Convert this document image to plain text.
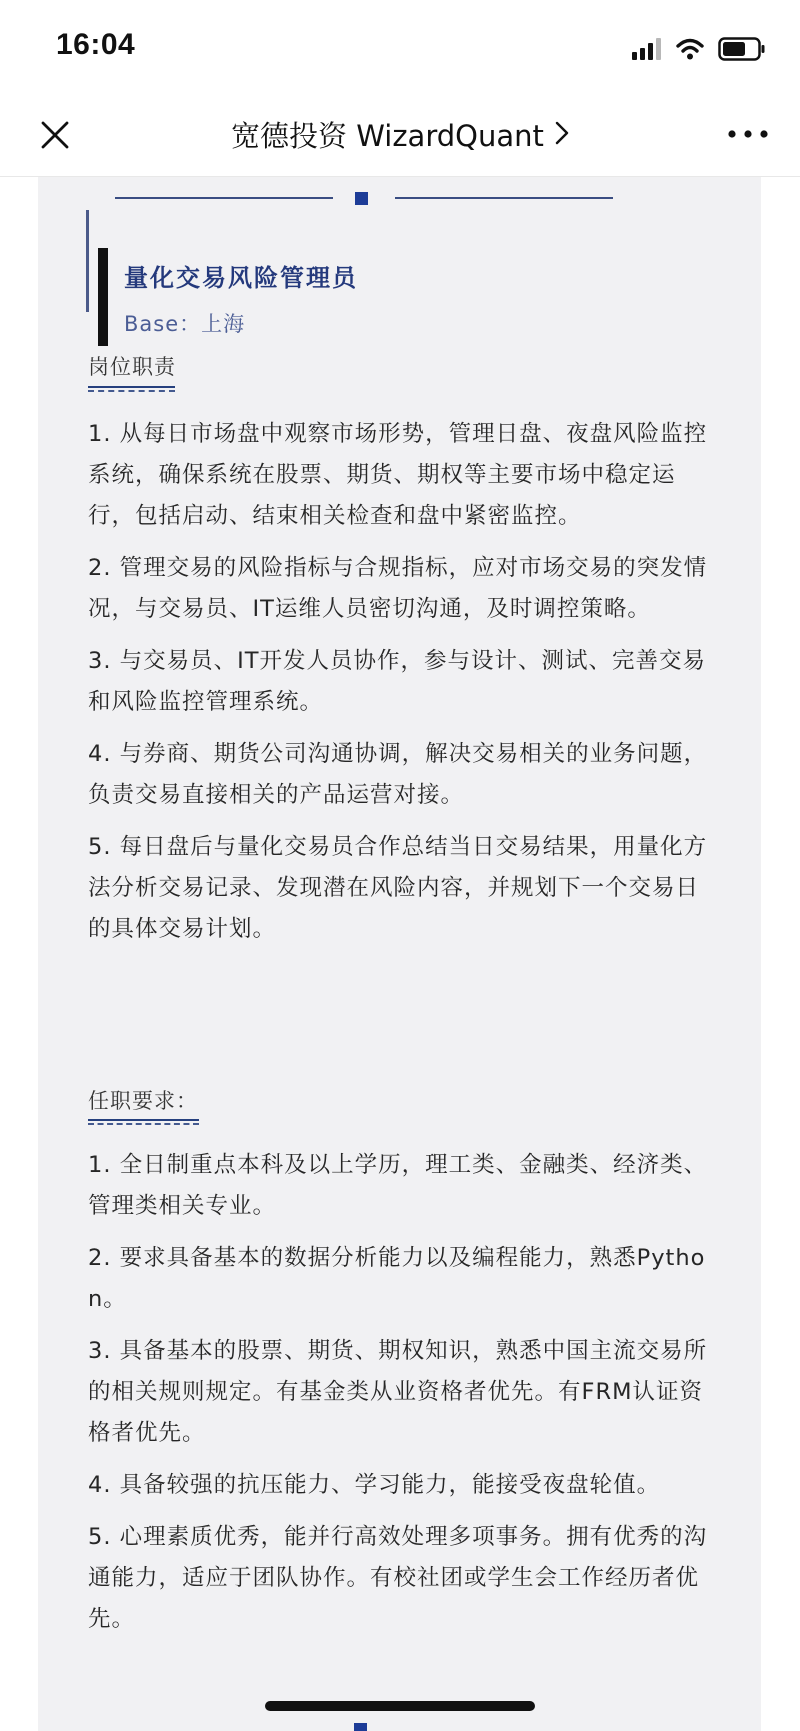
16:04
宽德投资 WizardQuant
量化交易风险管理员
Base：上海
岗位职责

1. 从每日市场盘中观察市场形势，管理日盘、夜盘风险监控系统，确保系统在股票、期货、期权等主要市场中稳定运行，包括启动、结束相关检查和盘中紧密监控。

2. 管理交易的风险指标与合规指标，应对市场交易的突发情况，与交易员、IT运维人员密切沟通，及时调控策略。

3. 与交易员、IT开发人员协作，参与设计、测试、完善交易和风险监控管理系统。

4. 与券商、期货公司沟通协调，解决交易相关的业务问题，负责交易直接相关的产品运营对接。

5. 每日盘后与量化交易员合作总结当日交易结果，用量化方法分析交易记录、发现潜在风险内容，并规划下一个交易日的具体交易计划。

任职要求：

1. 全日制重点本科及以上学历，理工类、金融类、经济类、管理类相关专业。

2. 要求具备基本的数据分析能力以及编程能力，熟悉Python。

3. 具备基本的股票、期货、期权知识，熟悉中国主流交易所的相关规则规定。有基金类从业资格者优先。有FRM认证资格者优先。

4. 具备较强的抗压能力、学习能力，能接受夜盘轮值。

5. 心理素质优秀，能并行高效处理多项事务。拥有优秀的沟通能力，适应于团队协作。有校社团或学生会工作经历者优先。
